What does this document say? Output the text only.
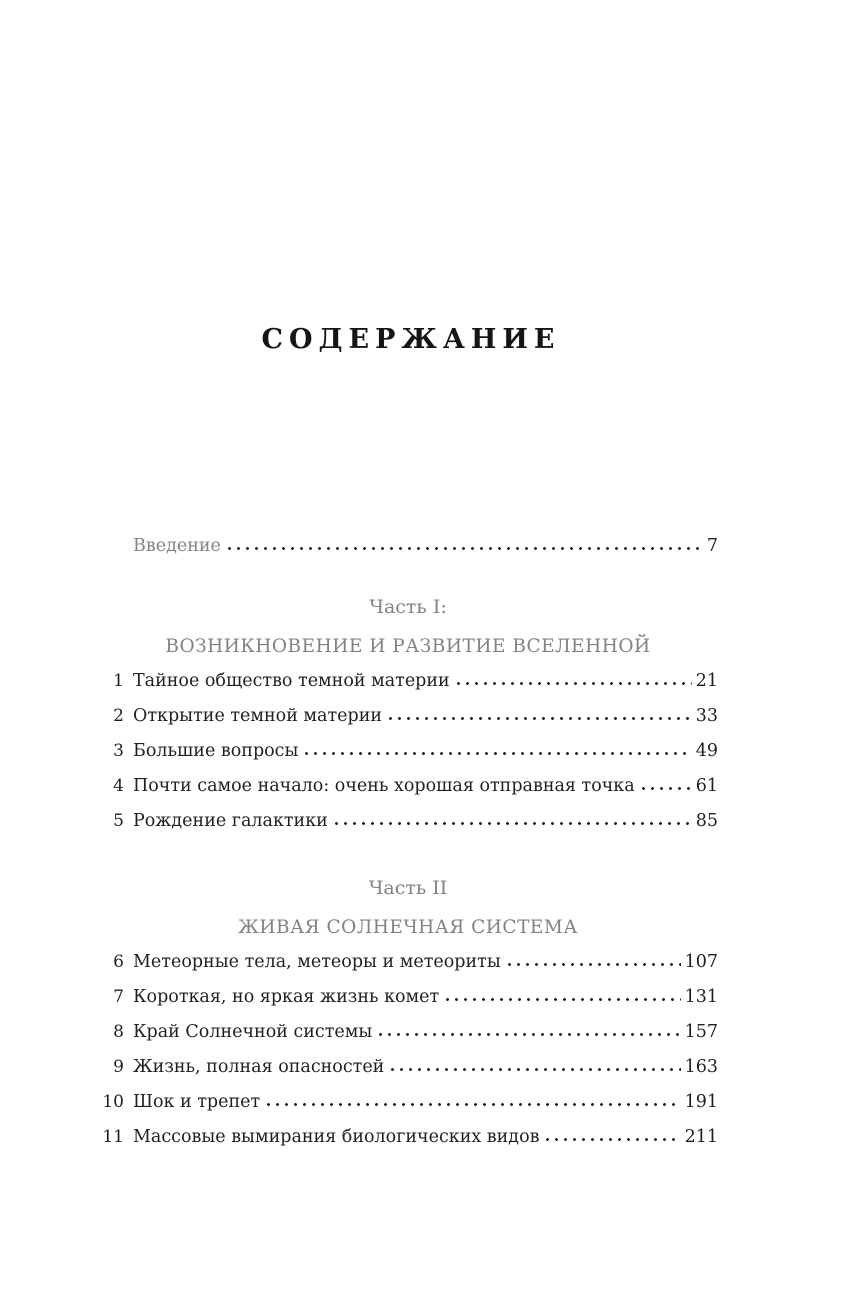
СОДЕРЖАНИЕ
Введение	7
Часть I:
ВОЗНИКНОВЕНИЕ И РАЗВИТИЕ ВСЕЛЕННОЙ
1 Тайное общество темной материи	21
2 Открытие темной материи	33
3 Большие вопросы	49
4 Почти самое начало: очень хорошая отправная точка	61
5 Рождение галактики	85
Часть II
ЖИВАЯ СОЛНЕЧНАЯ СИСТЕМА
6 Метеорные тела, метеоры и метеориты	107
7 Короткая, но яркая жизнь комет	131
8 Край Солнечной системы	157
9 Жизнь, полная опасностей	163
10 Шок и трепет	191
11 Массовые вымирания биологических видов	211
